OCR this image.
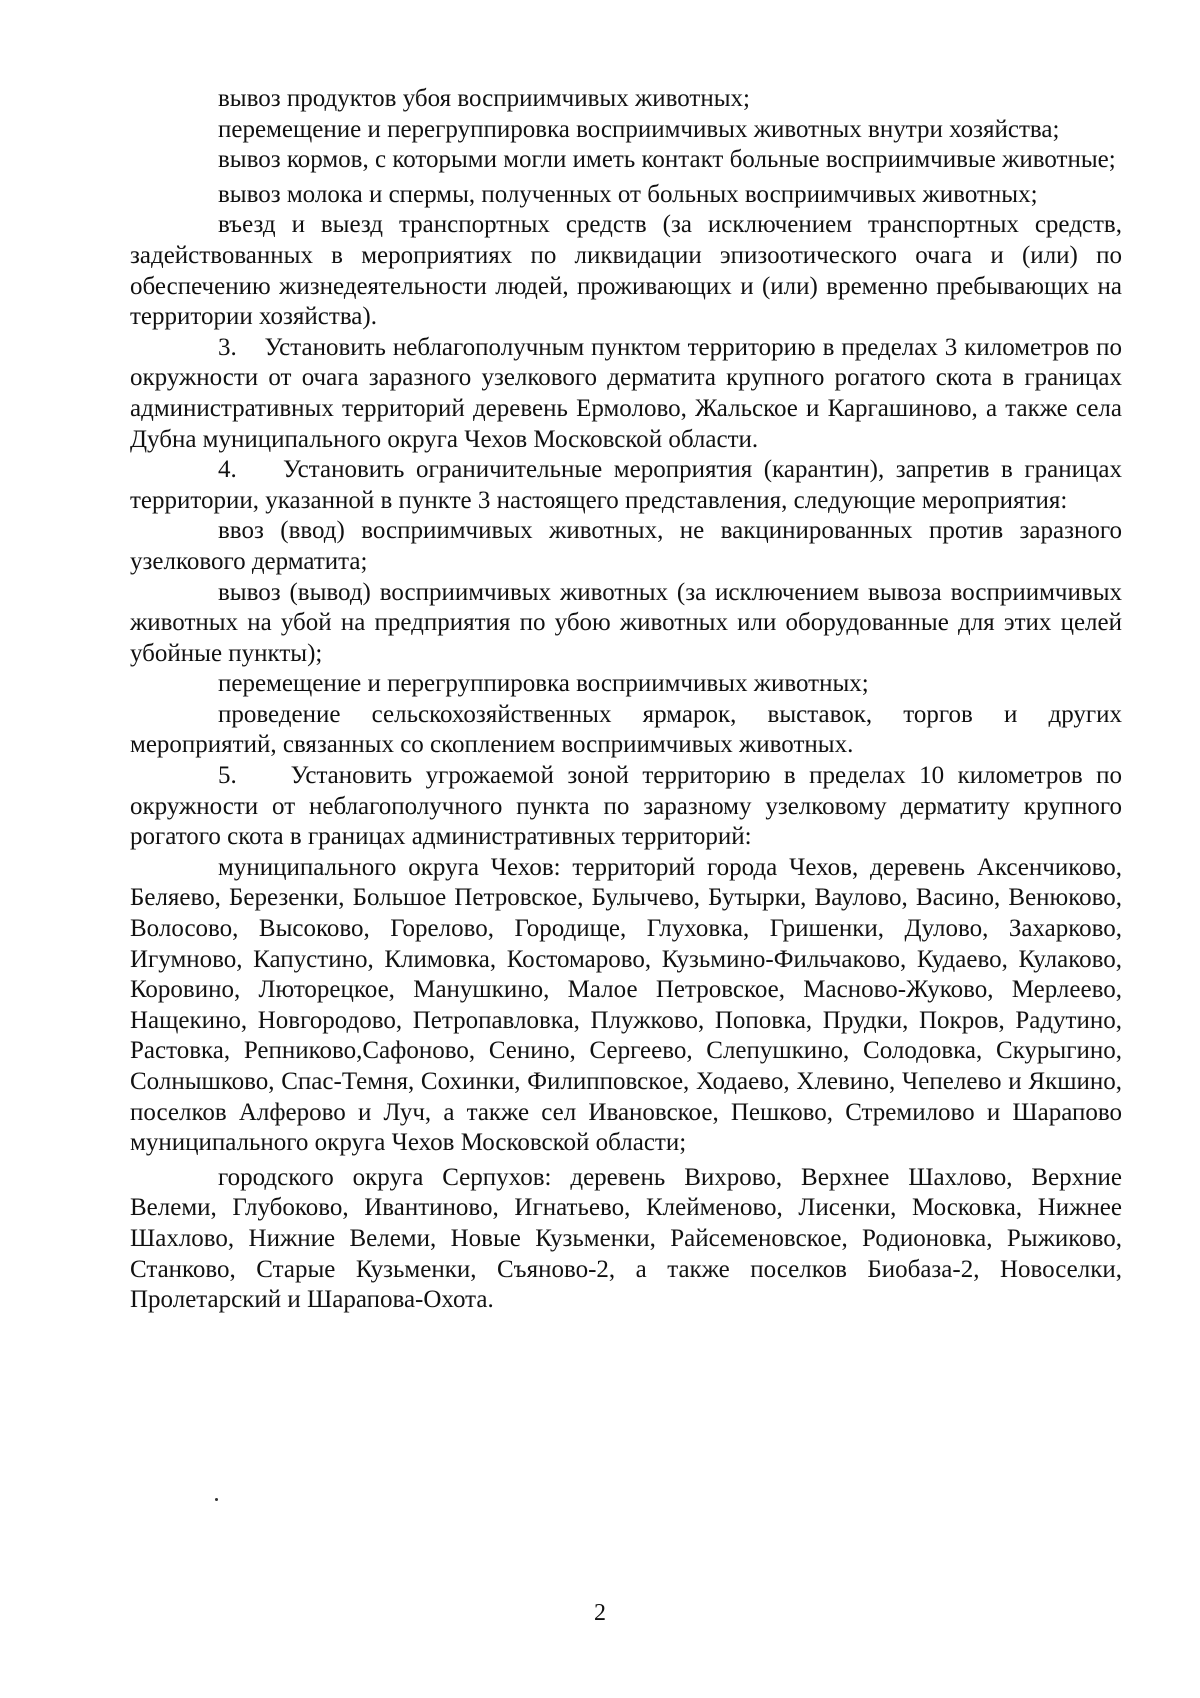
вывоз продуктов убоя восприимчивых животных;

перемещение и перегруппировка восприимчивых животных внутри хозяйства;

вывоз кормов, с которыми могли иметь контакт больные восприимчивые животные;

вывоз молока и спермы, полученных от больных восприимчивых животных;

въезд и выезд транспортных средств (за исключением транспортных средств, задействованных в мероприятиях по ликвидации эпизоотического очага и (или) по обеспечению жизнедеятельности людей, проживающих и (или) временно пребывающих на территории хозяйства).

3.    Установить неблагополучным пунктом территорию в пределах 3 километров по окружности от очага заразного узелкового дерматита крупного рогатого скота в границах административных территорий деревень Ермолово, Жальское и Каргашиново, а также села Дубна муниципального округа Чехов Московской области.

4.    Установить ограничительные мероприятия (карантин), запретив в границах территории, указанной в пункте 3 настоящего представления, следующие мероприятия:

ввоз (ввод) восприимчивых животных, не вакцинированных против заразного узелкового дерматита;

вывоз (вывод) восприимчивых животных (за исключением вывоза восприимчивых животных на убой на предприятия по убою животных или оборудованные для этих целей убойные пункты);

перемещение и перегруппировка восприимчивых животных;

проведение сельскохозяйственных ярмарок, выставок, торгов и других мероприятий, связанных со скоплением восприимчивых животных.

5.    Установить угрожаемой зоной территорию в пределах 10 километров по окружности от неблагополучного пункта по заразному узелковому дерматиту крупного рогатого скота в границах административных территорий:

муниципального округа Чехов: территорий города Чехов, деревень Аксенчиково, Беляево, Березенки, Большое Петровское, Булычево, Бутырки, Ваулово, Васино, Венюково, Волосово, Высоково, Горелово, Городище, Глуховка, Гришенки, Дулово, Захарково, Игумново, Капустино, Климовка, Костомарово, Кузьмино-Фильчаково, Кудаево, Кулаково, Коровино, Люторецкое, Манушкино, Малое Петровское, Масново-Жуково, Мерлеево, Нащекино, Новгородово, Петропавловка, Плужково, Поповка, Прудки, Покров, Радутино, Растовка, Репниково,Сафоново, Сенино, Сергеево, Слепушкино, Солодовка, Скурыгино, Солнышково, Спас-Темня, Сохинки, Филипповское, Ходаево, Хлевино, Чепелево и Якшино, поселков Алферово и Луч, а также сел Ивановское, Пешково, Стремилово и Шарапово муниципального округа Чехов Московской области;

городского округа Серпухов: деревень Вихрово, Верхнее Шахлово, Верхние Велеми, Глубоково, Ивантиново, Игнатьево, Клейменово, Лисенки, Московка, Нижнее Шахлово, Нижние Велеми, Новые Кузьменки, Райсеменовское, Родионовка, Рыжиково, Станково, Старые Кузьменки, Съяново-2, а также поселков Биобаза-2, Новоселки, Пролетарский и Шарапова-Охота.

2
